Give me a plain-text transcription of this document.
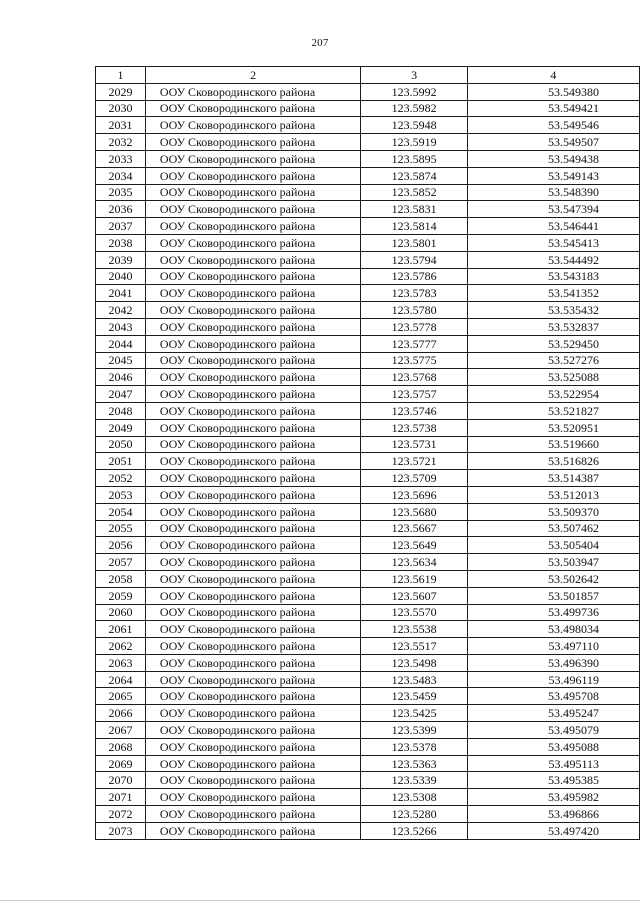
207
1	2	3	4
2029	ООУ Сковородинского района	123.5992	53.549380
2030	ООУ Сковородинского района	123.5982	53.549421
2031	ООУ Сковородинского района	123.5948	53.549546
2032	ООУ Сковородинского района	123.5919	53.549507
2033	ООУ Сковородинского района	123.5895	53.549438
2034	ООУ Сковородинского района	123.5874	53.549143
2035	ООУ Сковородинского района	123.5852	53.548390
2036	ООУ Сковородинского района	123.5831	53.547394
2037	ООУ Сковородинского района	123.5814	53.546441
2038	ООУ Сковородинского района	123.5801	53.545413
2039	ООУ Сковородинского района	123.5794	53.544492
2040	ООУ Сковородинского района	123.5786	53.543183
2041	ООУ Сковородинского района	123.5783	53.541352
2042	ООУ Сковородинского района	123.5780	53.535432
2043	ООУ Сковородинского района	123.5778	53.532837
2044	ООУ Сковородинского района	123.5777	53.529450
2045	ООУ Сковородинского района	123.5775	53.527276
2046	ООУ Сковородинского района	123.5768	53.525088
2047	ООУ Сковородинского района	123.5757	53.522954
2048	ООУ Сковородинского района	123.5746	53.521827
2049	ООУ Сковородинского района	123.5738	53.520951
2050	ООУ Сковородинского района	123.5731	53.519660
2051	ООУ Сковородинского района	123.5721	53.516826
2052	ООУ Сковородинского района	123.5709	53.514387
2053	ООУ Сковородинского района	123.5696	53.512013
2054	ООУ Сковородинского района	123.5680	53.509370
2055	ООУ Сковородинского района	123.5667	53.507462
2056	ООУ Сковородинского района	123.5649	53.505404
2057	ООУ Сковородинского района	123.5634	53.503947
2058	ООУ Сковородинского района	123.5619	53.502642
2059	ООУ Сковородинского района	123.5607	53.501857
2060	ООУ Сковородинского района	123.5570	53.499736
2061	ООУ Сковородинского района	123.5538	53.498034
2062	ООУ Сковородинского района	123.5517	53.497110
2063	ООУ Сковородинского района	123.5498	53.496390
2064	ООУ Сковородинского района	123.5483	53.496119
2065	ООУ Сковородинского района	123.5459	53.495708
2066	ООУ Сковородинского района	123.5425	53.495247
2067	ООУ Сковородинского района	123.5399	53.495079
2068	ООУ Сковородинского района	123.5378	53.495088
2069	ООУ Сковородинского района	123.5363	53.495113
2070	ООУ Сковородинского района	123.5339	53.495385
2071	ООУ Сковородинского района	123.5308	53.495982
2072	ООУ Сковородинского района	123.5280	53.496866
2073	ООУ Сковородинского района	123.5266	53.497420
